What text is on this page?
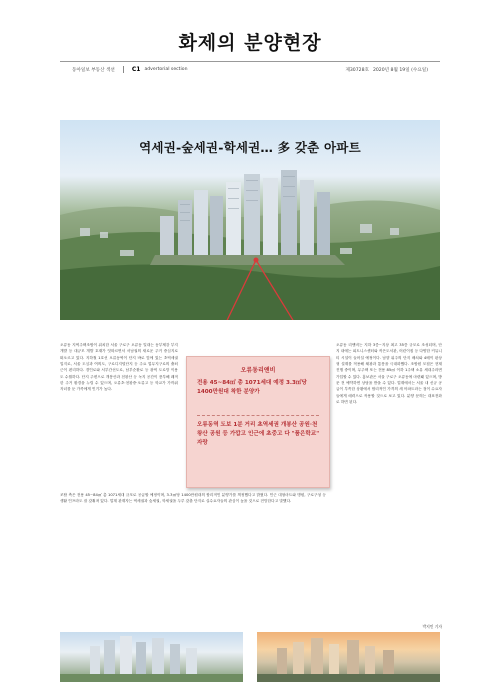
화제의 분양현장
동아일보 부동산 섹션	C1 advertorial section	제30728호 2020년 8월 19일 (수요일)
역세권-숲세권-학세권… 多 갖춘 아파트
오류동 지역주택조합이 위치한 서울 구로구 오류동 일대는 동부제강 부지 개발 등 대규모 개발 호재가 잇따르면서 서남권의 새로운 주거 중심지로 떠오르고 있다. 지하철 1호선 오류동역이 단지 바로 앞에 있는 초역세권 입지로, 서울 도심과 여의도, 구로디지털단지 등 주요 업무지구로의 출퇴근이 편리하다. 경인로와 서부간선도로, 남부순환로 등 광역 도로망 이용도 수월하다. 단지 주변으로 개봉산과 천왕산 등 녹지 공간이 풍부해 쾌적한 주거 환경을 누릴 수 있으며, 오류초·천왕중·오류고 등 학교가 가까워 자녀를 둔 가족에게 인기가 높다.
오류동리앤비
전용 45~84㎡ 총 1071세대 예정 3.3㎡당 1400만원대 착한 분양가
오류동역 도보 1분 거리 초역세권 개봉산 공원·천왕산 공원 등 가깝고 인근에 초중고 다 "품은학교" 자랑
조합 측은 전용 45~84㎡ 총 1071세대 규모로 공급할 예정이며, 3.3㎡당 1400만원대의 합리적인 분양가를 책정했다고 밝혔다. 인근 대형마트와 병원, 구로구청 등 생활 인프라도 잘 갖춰져 있다. 업계 관계자는 역세권과 숲세권, 학세권을 두루 갖춘 단지로 실수요자들의 관심이 높을 것으로 전망한다고 말했다.
오류동 리앤비는 지하 3층~지상 최고 35층 규모로 조성되며, 단지 내에는 피트니스센터와 작은도서관, 어린이집 등 다양한 커뮤니티 시설이 들어설 예정이다. 남향 위주의 단지 배치와 4베이 판상형 설계를 적용해 채광과 통풍을 극대화했다. 조합원 모집은 현재 진행 중이며, 무주택 또는 전용 85㎡ 이하 1주택 소유 세대주라면 가입할 수 있다. 홍보관은 서울 구로구 오류동에 마련돼 있으며, 방문 전 예약하면 상담을 받을 수 있다. 업계에서는 서울 내 신규 공급이 부족한 상황에서 합리적인 가격의 새 아파트라는 점이 수요자들에게 매력으로 작용할 것으로 보고 있다. 분양 문의는 대표전화로 하면 된다.
박지민 기자
